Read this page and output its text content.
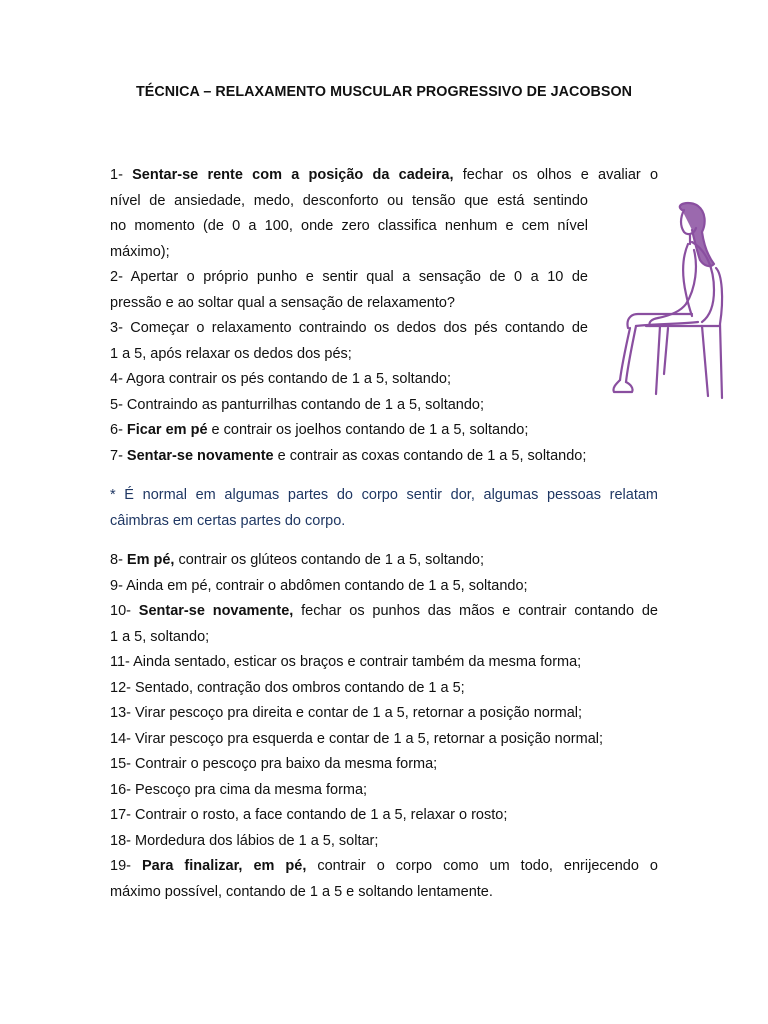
TÉCNICA – RELAXAMENTO MUSCULAR PROGRESSIVO DE JACOBSON

1- Sentar-se rente com a posição da cadeira, fechar os olhos e avaliar o

nível de ansiedade, medo, desconforto ou tensão que está sentindo

no momento (de 0 a 100, onde zero classifica nenhum e cem nível

máximo);

2- Apertar o próprio punho e sentir qual a sensação de 0 a 10 de

pressão e ao soltar qual a sensação de relaxamento?

3- Começar o relaxamento contraindo os dedos dos pés contando de

1 a 5, após relaxar os dedos dos pés;

4- Agora contrair os pés contando de 1 a 5, soltando;

5- Contraindo as panturrilhas contando de 1 a 5, soltando;

6- Ficar em pé e contrair os joelhos contando de 1 a 5, soltando;

7- Sentar-se novamente e contrair as coxas contando de 1 a 5, soltando;

* É normal em algumas partes do corpo sentir dor, algumas pessoas relatam

câimbras em certas partes do corpo.

8- Em pé, contrair os glúteos contando de 1 a 5, soltando;

9- Ainda em pé, contrair o abdômen contando de 1 a 5, soltando;

10- Sentar-se novamente, fechar os punhos das mãos e contrair contando de

1 a 5, soltando;

11- Ainda sentado, esticar os braços e contrair também da mesma forma;

12- Sentado, contração dos ombros contando de 1 a 5;

13- Virar pescoço pra direita e contar de 1 a 5, retornar a posição normal;

14- Virar pescoço pra esquerda e contar de 1 a 5, retornar a posição normal;

15- Contrair o pescoço pra baixo da mesma forma;

16- Pescoço pra cima da mesma forma;

17- Contrair o rosto, a face contando de 1 a 5, relaxar o rosto;

18- Mordedura dos lábios de 1 a 5, soltar;

19- Para finalizar, em pé, contrair o corpo como um todo, enrijecendo o

máximo possível, contando de 1 a 5 e soltando lentamente.
